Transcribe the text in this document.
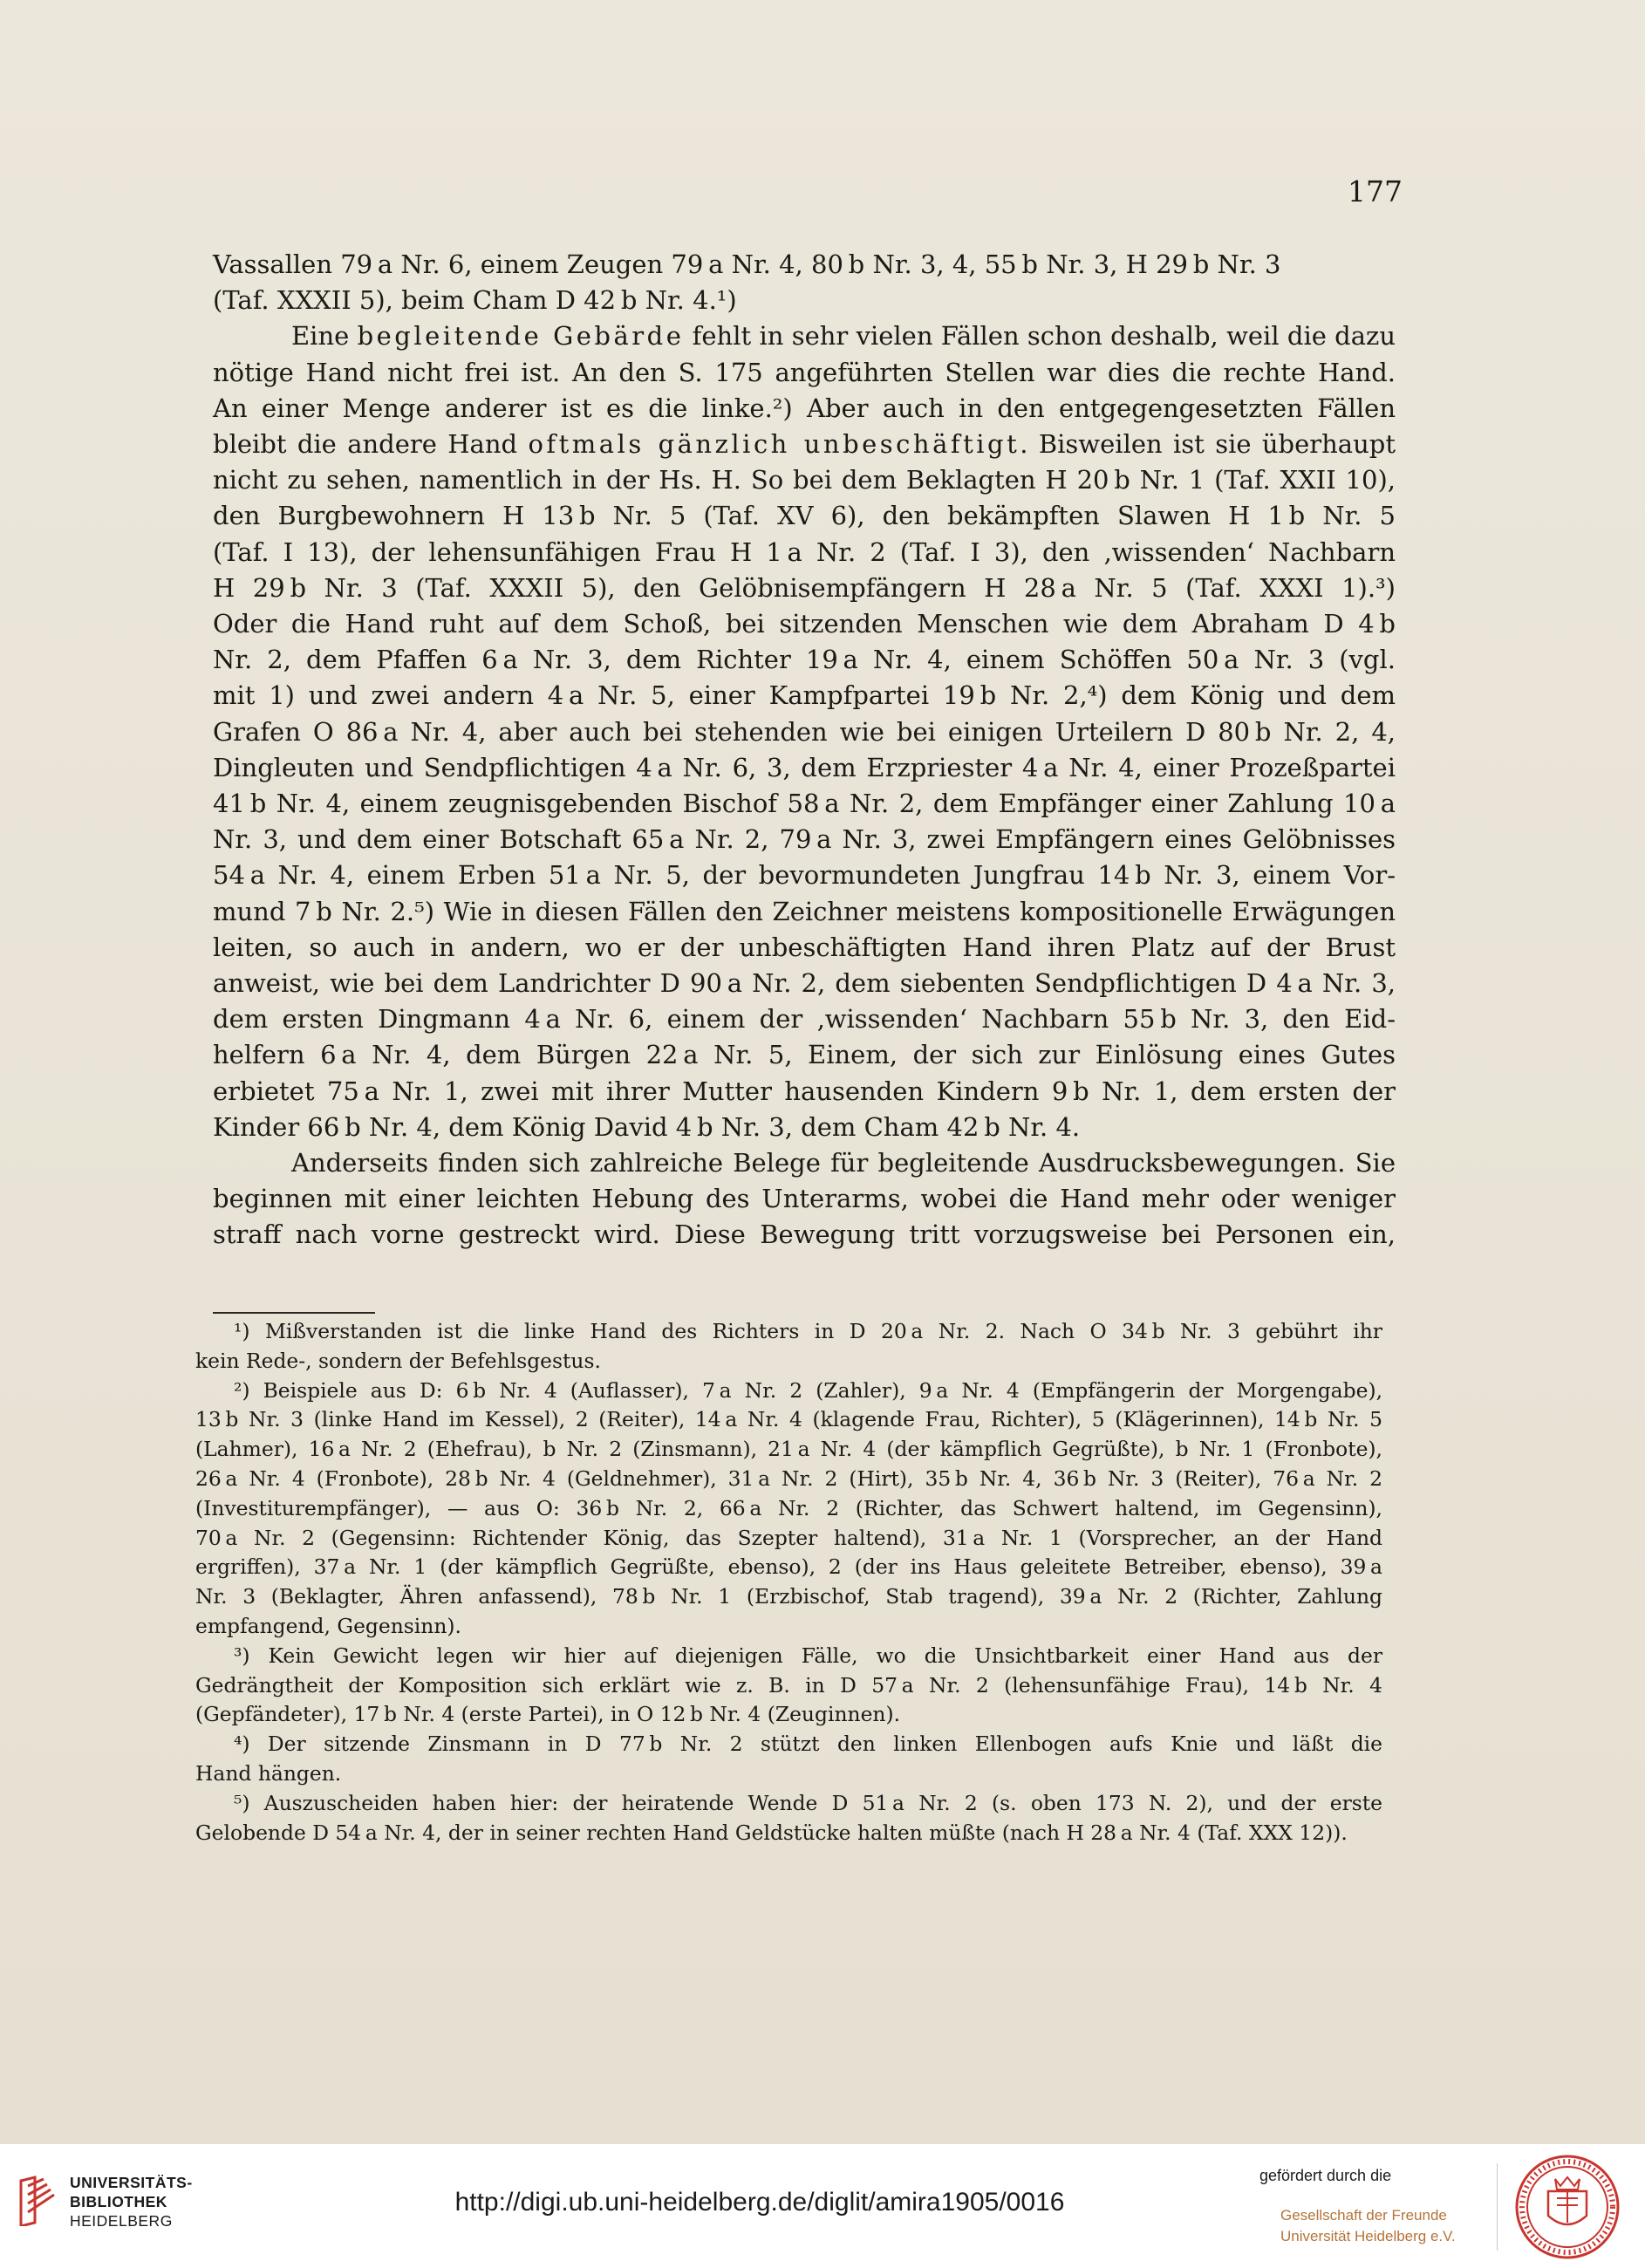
177

Vassallen 79 a Nr. 6, einem Zeugen 79 a Nr. 4, 80 b Nr. 3, 4, 55 b Nr. 3, H 29 b Nr. 3

(Taf. XXXII 5), beim Cham D 42 b Nr. 4.¹)

Eine begleitende Gebärde fehlt in sehr vielen Fällen schon deshalb, weil die dazu

nötige Hand nicht frei ist. An den S. 175 angeführten Stellen war dies die rechte Hand.

An einer Menge anderer ist es die linke.²) Aber auch in den entgegengesetzten Fällen

bleibt die andere Hand oftmals gänzlich unbeschäftigt. Bisweilen ist sie überhaupt

nicht zu sehen, namentlich in der Hs. H. So bei dem Beklagten H 20 b Nr. 1 (Taf. XXII 10),

den Burgbewohnern H 13 b Nr. 5 (Taf. XV 6), den bekämpften Slawen H 1 b Nr. 5

(Taf. I 13), der lehensunfähigen Frau H 1 a Nr. 2 (Taf. I 3), den ‚wissenden‘ Nachbarn

H 29 b Nr. 3 (Taf. XXXII 5), den Gelöbnisempfängern H 28 a Nr. 5 (Taf. XXXI 1).³)

Oder die Hand ruht auf dem Schoß, bei sitzenden Menschen wie dem Abraham D 4 b

Nr. 2, dem Pfaffen 6 a Nr. 3, dem Richter 19 a Nr. 4, einem Schöffen 50 a Nr. 3 (vgl.

mit 1) und zwei andern 4 a Nr. 5, einer Kampfpartei 19 b Nr. 2,⁴) dem König und dem

Grafen O 86 a Nr. 4, aber auch bei stehenden wie bei einigen Urteilern D 80 b Nr. 2, 4,

Dingleuten und Sendpflichtigen 4 a Nr. 6, 3, dem Erzpriester 4 a Nr. 4, einer Prozeßpartei

41 b Nr. 4, einem zeugnisgebenden Bischof 58 a Nr. 2, dem Empfänger einer Zahlung 10 a

Nr. 3, und dem einer Botschaft 65 a Nr. 2, 79 a Nr. 3, zwei Empfängern eines Gelöbnisses

54 a Nr. 4, einem Erben 51 a Nr. 5, der bevormundeten Jungfrau 14 b Nr. 3, einem Vor-

mund 7 b Nr. 2.⁵) Wie in diesen Fällen den Zeichner meistens kompositionelle Erwägungen

leiten, so auch in andern, wo er der unbeschäftigten Hand ihren Platz auf der Brust

anweist, wie bei dem Landrichter D 90 a Nr. 2, dem siebenten Sendpflichtigen D 4 a Nr. 3,

dem ersten Dingmann 4 a Nr. 6, einem der ‚wissenden‘ Nachbarn 55 b Nr. 3, den Eid-

helfern 6 a Nr. 4, dem Bürgen 22 a Nr. 5, Einem, der sich zur Einlösung eines Gutes

erbietet 75 a Nr. 1, zwei mit ihrer Mutter hausenden Kindern 9 b Nr. 1, dem ersten der

Kinder 66 b Nr. 4, dem König David 4 b Nr. 3, dem Cham 42 b Nr. 4.

Anderseits finden sich zahlreiche Belege für begleitende Ausdrucksbewegungen. Sie

beginnen mit einer leichten Hebung des Unterarms, wobei die Hand mehr oder weniger

straff nach vorne gestreckt wird. Diese Bewegung tritt vorzugsweise bei Personen ein,

¹) Mißverstanden ist die linke Hand des Richters in D 20 a Nr. 2. Nach O 34 b Nr. 3 gebührt ihr

kein Rede-, sondern der Befehlsgestus.

²) Beispiele aus D: 6 b Nr. 4 (Auflasser), 7 a Nr. 2 (Zahler), 9 a Nr. 4 (Empfängerin der Morgengabe),

13 b Nr. 3 (linke Hand im Kessel), 2 (Reiter), 14 a Nr. 4 (klagende Frau, Richter), 5 (Klägerinnen), 14 b Nr. 5

(Lahmer), 16 a Nr. 2 (Ehefrau), b Nr. 2 (Zinsmann), 21 a Nr. 4 (der kämpflich Gegrüßte), b Nr. 1 (Fronbote),

26 a Nr. 4 (Fronbote), 28 b Nr. 4 (Geldnehmer), 31 a Nr. 2 (Hirt), 35 b Nr. 4, 36 b Nr. 3 (Reiter), 76 a Nr. 2

(Investiturempfänger), — aus O: 36 b Nr. 2, 66 a Nr. 2 (Richter, das Schwert haltend, im Gegensinn),

70 a Nr. 2 (Gegensinn: Richtender König, das Szepter haltend), 31 a Nr. 1 (Vorsprecher, an der Hand

ergriffen), 37 a Nr. 1 (der kämpflich Gegrüßte, ebenso), 2 (der ins Haus geleitete Betreiber, ebenso), 39 a

Nr. 3 (Beklagter, Ähren anfassend), 78 b Nr. 1 (Erzbischof, Stab tragend), 39 a Nr. 2 (Richter, Zahlung

empfangend, Gegensinn).

³) Kein Gewicht legen wir hier auf diejenigen Fälle, wo die Unsichtbarkeit einer Hand aus der

Gedrängtheit der Komposition sich erklärt wie z. B. in D 57 a Nr. 2 (lehensunfähige Frau), 14 b Nr. 4

(Gepfändeter), 17 b Nr. 4 (erste Partei), in O 12 b Nr. 4 (Zeuginnen).

⁴) Der sitzende Zinsmann in D 77 b Nr. 2 stützt den linken Ellenbogen aufs Knie und läßt die

Hand hängen.

⁵) Auszuscheiden haben hier: der heiratende Wende D 51 a Nr. 2 (s. oben 173 N. 2), und der erste

Gelobende D 54 a Nr. 4, der in seiner rechten Hand Geldstücke halten müßte (nach H 28 a Nr. 4 (Taf. XXX 12)).

UNIVERSITÄTS-
BIBLIOTHEK
HEIDELBERG
http://digi.ub.uni-heidelberg.de/diglit/amira1905/0016
gefördert durch die
Gesellschaft der Freunde
Universität Heidelberg e.V.
